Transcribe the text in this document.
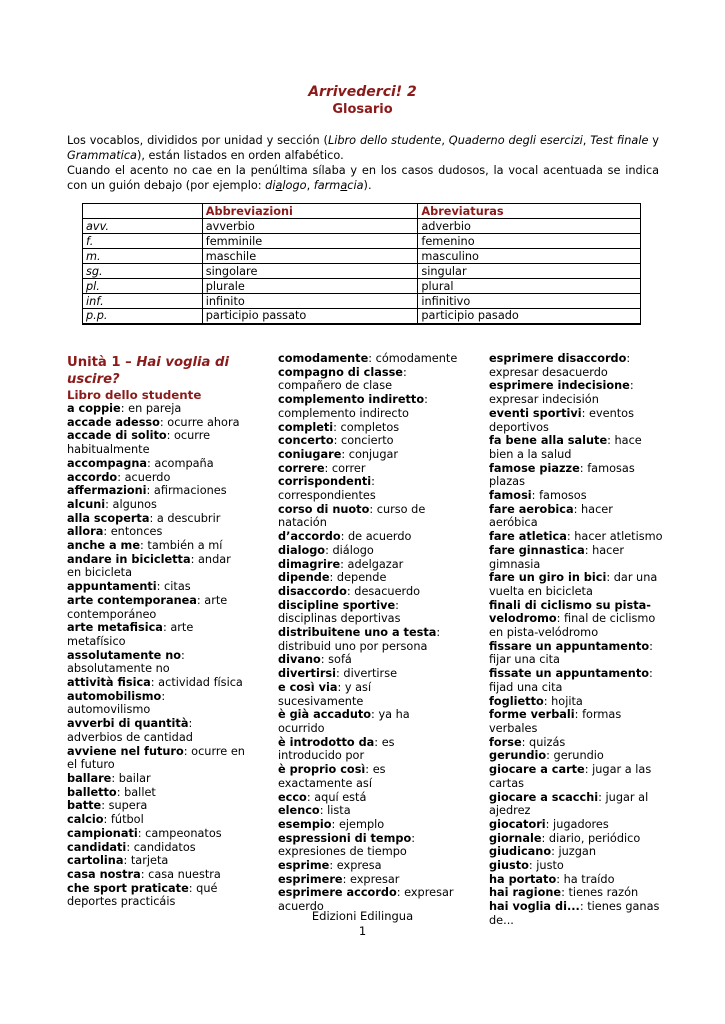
Arrivederci! 2
Glosario

Los vocablos, divididos por unidad y sección (Libro dello studente, Quaderno degli esercizi, Test finale y Grammatica), están listados en orden alfabético.

Cuando el acento no cae en la penúltima sílaba y en los casos dudosos, la vocal acentuada se indica con un guión debajo (por ejemplo: dialogo, farmacia).

	Abbreviazioni	Abreviaturas
avv.	avverbio	adverbio
f.	femminile	femenino
m.	maschile	masculino
sg.	singolare	singular
pl.	plurale	plural
inf.	infinito	infinitivo
p.p.	participio passato	participio pasado
Unità 1 – Hai voglia di uscire?
Libro dello studente
a coppie: en pareja
accade adesso: ocurre ahora
accade di solito: ocurre habitualmente
accompagna: acompaña
accordo: acuerdo
affermazioni: afirmaciones
alcuni: algunos
alla scoperta: a descubrir
allora: entonces
anche a me: también a mí
andare in bicicletta: andar en bicicleta
appuntamenti: citas
arte contemporanea: arte contemporáneo
arte metafisica: arte metafísico
assolutamente no: absolutamente no
attività fisica: actividad física
automobilismo: automovilismo
avverbi di quantità: adverbios de cantidad
avviene nel futuro: ocurre en el futuro
ballare: bailar
balletto: ballet
batte: supera
calcio: fútbol
campionati: campeonatos
candidati: candidatos
cartolina: tarjeta
casa nostra: casa nuestra
che sport praticate: qué deportes practicáis
comodamente: cómodamente
compagno di classe: compañero de clase
complemento indiretto: complemento indirecto
completi: completos
concerto: concierto
coniugare: conjugar
correre: correr
corrispondenti: correspondientes
corso di nuoto: curso de natación
d’accordo: de acuerdo
dialogo: diálogo
dimagrire: adelgazar
dipende: depende
disaccordo: desacuerdo
discipline sportive: disciplinas deportivas
distribuitene uno a testa: distribuid uno por persona
divano: sofá
divertirsi: divertirse
e così via: y así sucesivamente
è già accaduto: ya ha ocurrido
è introdotto da: es introducido por
è proprio così: es exactamente así
ecco: aquí está
elenco: lista
esempio: ejemplo
espressioni di tempo: expresiones de tiempo
esprime: expresa
esprimere: expresar
esprimere accordo: expresar acuerdo
esprimere disaccordo: expresar desacuerdo
esprimere indecisione: expresar indecisión
eventi sportivi: eventos deportivos
fa bene alla salute: hace bien a la salud
famose piazze: famosas plazas
famosi: famosos
fare aerobica: hacer aeróbica
fare atletica: hacer atletismo
fare ginnastica: hacer gimnasia
fare un giro in bici: dar una vuelta en bicicleta
finali di ciclismo su pista-velodromo: final de ciclismo en pista-velódromo
fissare un appuntamento: fijar una cita
fissate un appuntamento: fijad una cita
foglietto: hojita
forme verbali: formas verbales
forse: quizás
gerundio: gerundio
giocare a carte: jugar a las cartas
giocare a scacchi: jugar al ajedrez
giocatori: jugadores
giornale: diario, periódico
giudicano: juzgan
giusto: justo
ha portato: ha traído
hai ragione: tienes razón
hai voglia di...: tienes ganas de...
Edizioni Edilingua
1
